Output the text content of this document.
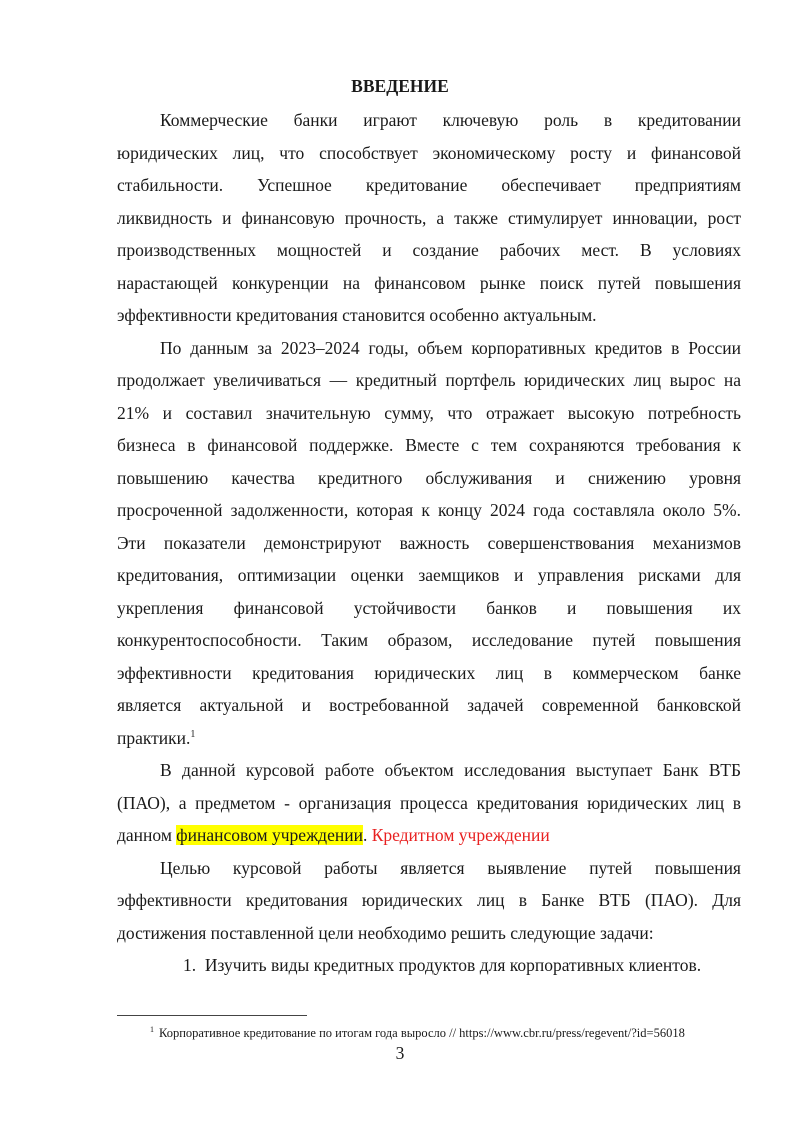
ВВЕДЕНИЕ
Коммерческие банки играют ключевую роль в кредитовании
юридических лиц, что способствует экономическому росту и финансовой
стабильности. Успешное кредитование обеспечивает предприятиям
ликвидность и финансовую прочность, а также стимулирует инновации, рост
производственных мощностей и создание рабочих мест. В условиях
нарастающей конкуренции на финансовом рынке поиск путей повышения
эффективности кредитования становится особенно актуальным.
По данным за 2023–2024 годы, объем корпоративных кредитов в России
продолжает увеличиваться — кредитный портфель юридических лиц вырос на
21% и составил значительную сумму, что отражает высокую потребность
бизнеса в финансовой поддержке. Вместе с тем сохраняются требования к
повышению качества кредитного обслуживания и снижению уровня
просроченной задолженности, которая к концу 2024 года составляла около 5%.
Эти показатели демонстрируют важность совершенствования механизмов
кредитования, оптимизации оценки заемщиков и управления рисками для
укрепления финансовой устойчивости банков и повышения их
конкурентоспособности. Таким образом, исследование путей повышения
эффективности кредитования юридических лиц в коммерческом банке
является актуальной и востребованной задачей современной банковской
практики.$^1$
В данной курсовой работе объектом исследования выступает Банк ВТБ
(ПАО), а предметом - организация процесса кредитования юридических лиц в
данном финансовом учреждении. Кредитном учреждении
Целью курсовой работы является выявление путей повышения
эффективности кредитования юридических лиц в Банке ВТБ (ПАО). Для
достижения поставленной цели необходимо решить следующие задачи:
1. Изучить виды кредитных продуктов для корпоративных клиентов.
$^1$ Корпоративное кредитование по итогам года выросло // https://www.cbr.ru/press/regevent/?id=56018
3
